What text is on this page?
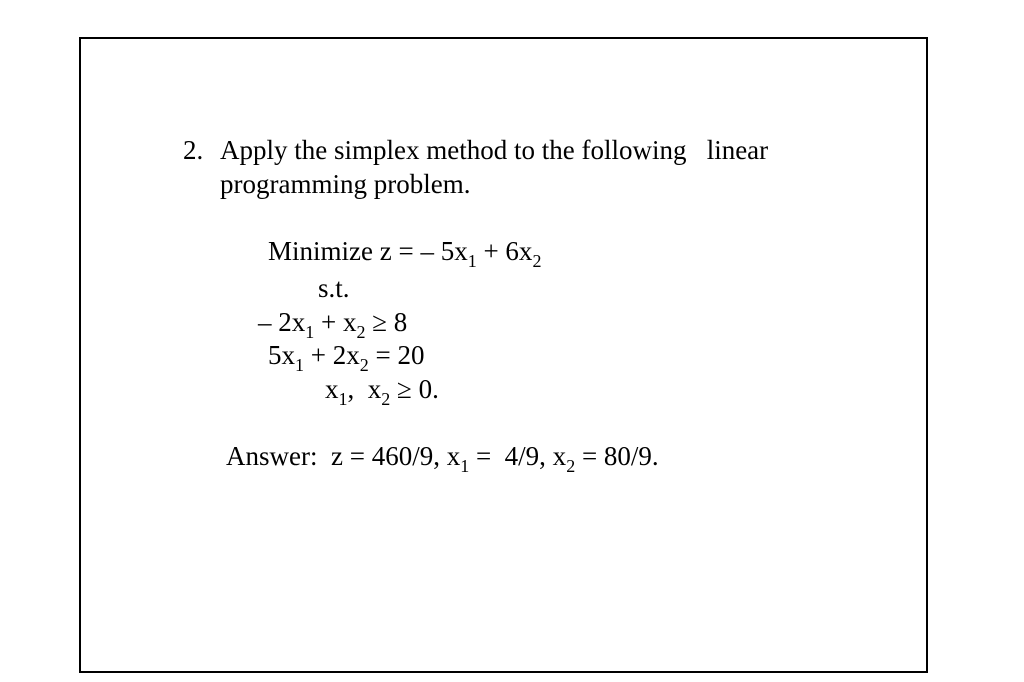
2. Apply the simplex method to the following   linear
programming problem.
Minimize z = – $5x_1 + 6x_2$
s.t.
– $2x_1 + x_2 \ge 8$
$5x_1 + 2x_2 = 20$
$x_1$,  $x_2 \ge 0$.
Answer:  z = 460/9, $x_1 = 4/9$, $x_2 = 80/9$.
